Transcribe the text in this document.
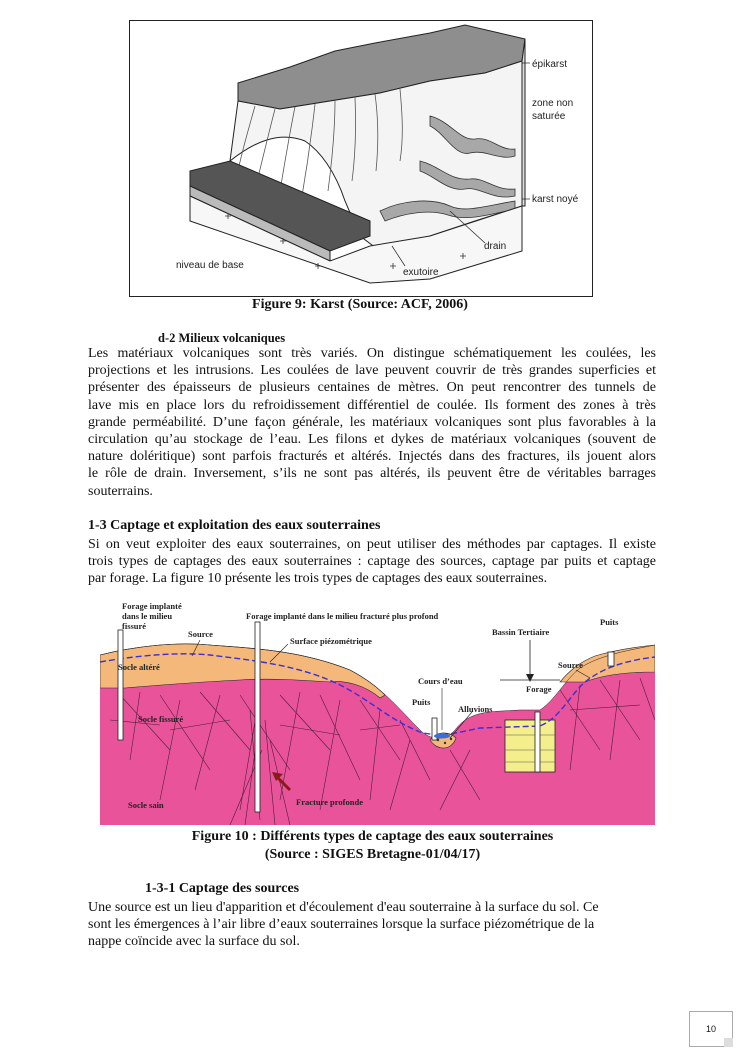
épikarst
zone non
saturée
karst noyé
drain
niveau de base
exutoire
Figure 9: Karst (Source: ACF, 2006)
d-2 Milieux volcaniques
Les matériaux volcaniques sont très variés. On distingue schématiquement les coulées, les
projections et les intrusions. Les coulées de lave peuvent couvrir de très grandes superficies et
présenter des épaisseurs de plusieurs centaines de mètres. On peut rencontrer des tunnels de
lave mis en place lors du refroidissement différentiel de coulée. Ils forment des zones à très
grande perméabilité. D’une façon générale, les matériaux volcaniques sont plus favorables à la
circulation qu’au stockage de l’eau. Les filons et dykes de matériaux volcaniques (souvent de
nature doléritique) sont parfois fracturés et altérés. Injectés dans des fractures, ils jouent alors
le rôle de drain. Inversement, s’ils ne sont pas altérés, ils peuvent être de véritables barrages
souterrains.
1-3 Captage et exploitation des eaux souterraines
Si on veut exploiter des eaux souterraines, on peut utiliser des méthodes par captages. Il existe
trois types de captages des eaux souterraines : captage des sources, captage par puits et captage
par forage. La figure 10 présente les trois types de captages des eaux souterraines.
Forage implanté
dans le milieu
fissuré
Source
Forage implanté dans le milieu fracturé plus profond
Surface piézométrique
Bassin Tertiaire
Puits
Socle altéré
Cours d’eau
Source
Forage
Puits
Alluvions
Socle fissuré
Socle sain	Fracture profonde
Figure 10 : Différents types de captage des eaux souterraines
(Source : SIGES Bretagne-01/04/17)
1-3-1 Captage des sources
Une source est un lieu d'apparition et d'écoulement d'eau souterraine à la surface du sol. Ce
sont les émergences à l’air libre d’eaux souterraines lorsque la surface piézométrique de la
nappe coïncide avec la surface du sol.
10
